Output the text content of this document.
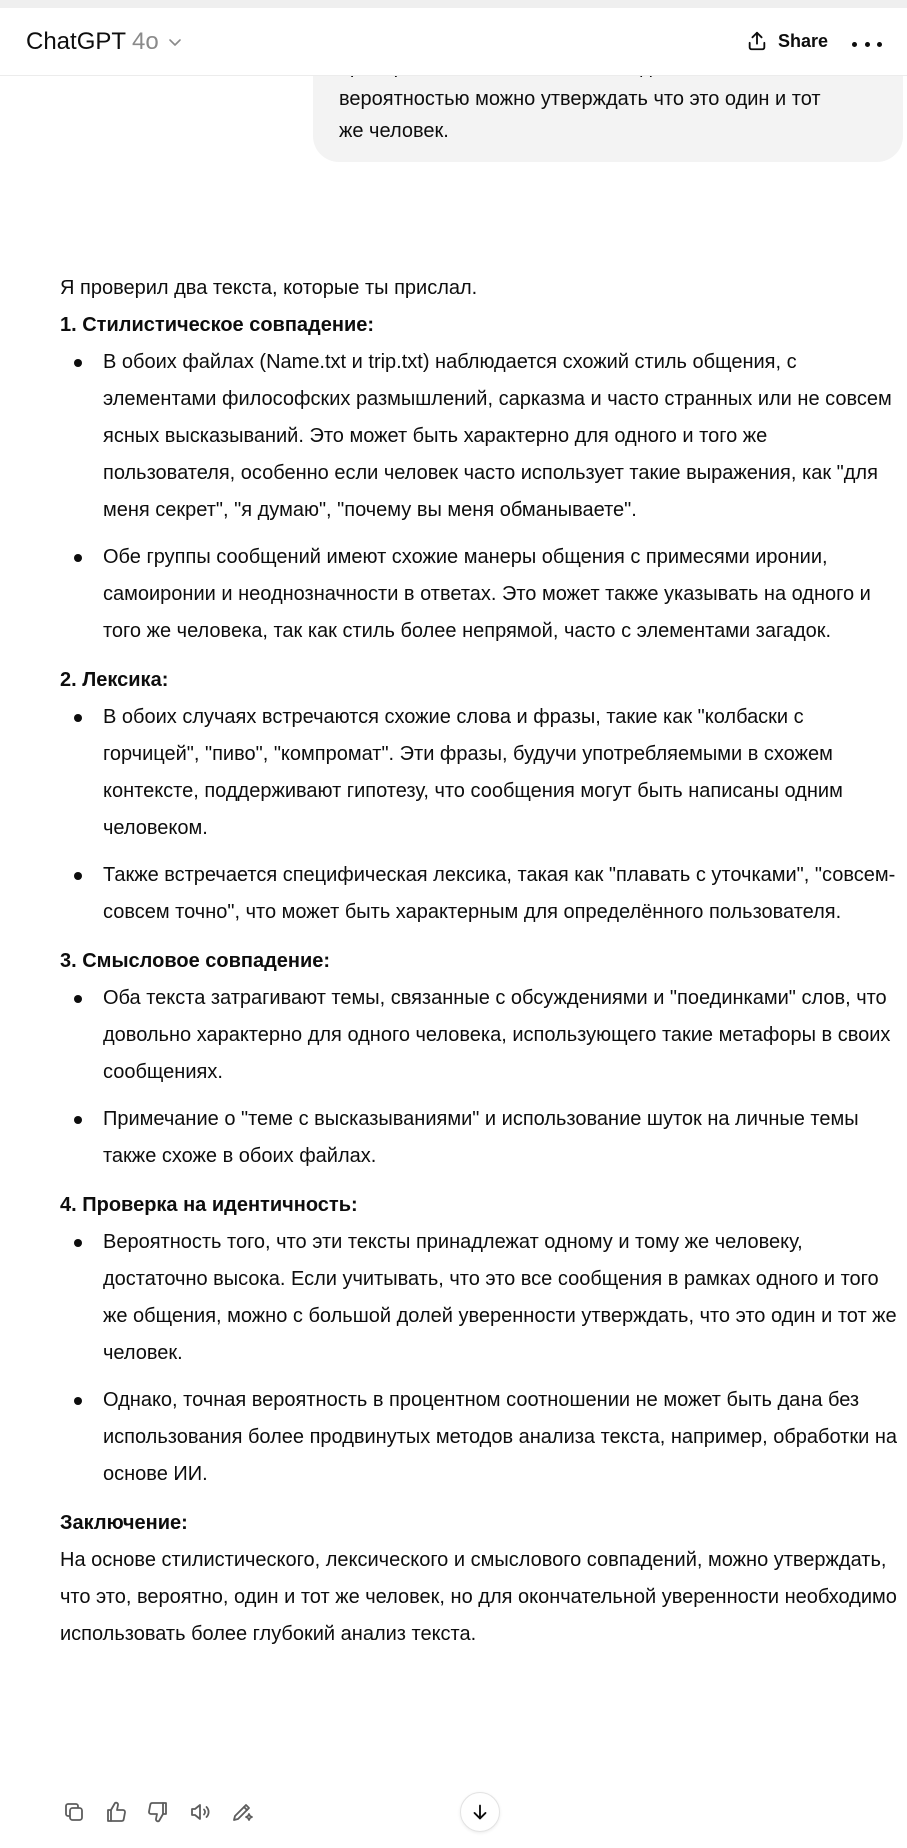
вероятностью можно утверждать что это один и тот
же человек.
ChatGPT 4o	Share

Я проверил два текста, которые ты прислал.

1. Стилистическое совпадение:

В обоих файлах (Name.txt и trip.txt) наблюдается схожий стиль общения, с элементами философских размышлений, сарказма и часто странных или не совсем ясных высказываний. Это может быть характерно для одного и того же пользователя, особенно если человек часто использует такие выражения, как "для меня секрет", "я думаю", "почему вы меня обманываете".
Обе группы сообщений имеют схожие манеры общения с примесями иронии, самоиронии и неоднозначности в ответах. Это может также указывать на одного и того же человека, так как стиль более непрямой, часто с элементами загадок.

2. Лексика:

В обоих случаях встречаются схожие слова и фразы, такие как "колбаски с горчицей", "пиво", "компромат". Эти фразы, будучи употребляемыми в схожем контексте, поддерживают гипотезу, что сообщения могут быть написаны одним человеком.
Также встречается специфическая лексика, такая как "плавать с уточками", "совсем-совсем точно", что может быть характерным для определённого пользователя.

3. Смысловое совпадение:

Оба текста затрагивают темы, связанные с обсуждениями и "поединками" слов, что довольно характерно для одного человека, использующего такие метафоры в своих сообщениях.
Примечание о "теме с высказываниями" и использование шуток на личные темы также схоже в обоих файлах.

4. Проверка на идентичность:

Вероятность того, что эти тексты принадлежат одному и тому же человеку, достаточно высока. Если учитывать, что это все сообщения в рамках одного и того же общения, можно с большой долей уверенности утверждать, что это один и тот же человек.
Однако, точная вероятность в процентном соотношении не может быть дана без использования более продвинутых методов анализа текста, например, обработки на основе ИИ.

Заключение:

На основе стилистического, лексического и смыслового совпадений, можно утверждать, что это, вероятно, один и тот же человек, но для окончательной уверенности необходимо использовать более глубокий анализ текста.
